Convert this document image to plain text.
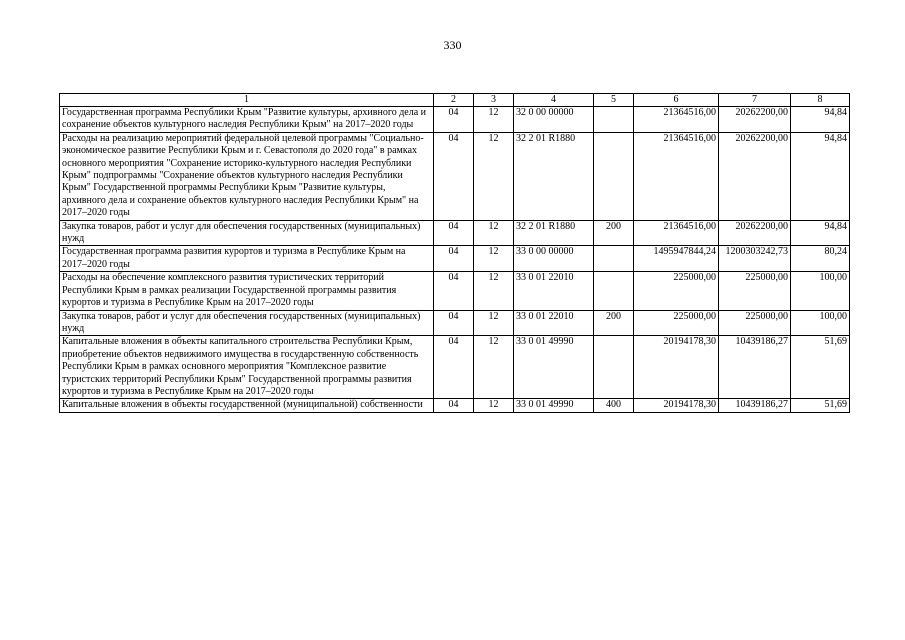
330
1	2	3	4	5	6	7	8
Государственная программа Республики Крым "Развитие культуры, архивного дела и сохранение объектов культурного наследия Республики Крым" на 2017–2020 годы	04	12	32 0 00 00000		21364516,00	20262200,00	94,84
Расходы на реализацию мероприятий федеральной целевой программы "Социально-экономическое развитие Республики Крым и г. Севастополя до 2020 года" в рамках основного мероприятия "Сохранение историко-культурного наследия Республики Крым" подпрограммы "Сохранение объектов культурного наследия Республики Крым" Государственной программы Республики Крым "Развитие культуры, архивного дела и сохранение объектов культурного наследия Республики Крым" на 2017–2020 годы	04	12	32 2 01 R1880		21364516,00	20262200,00	94,84
Закупка товаров, работ и услуг для обеспечения государственных (муниципальных) нужд	04	12	32 2 01 R1880	200	21364516,00	20262200,00	94,84
Государственная программа развития курортов и туризма в Республике Крым на 2017–2020 годы	04	12	33 0 00 00000		1495947844,24	1200303242,73	80,24
Расходы на обеспечение комплексного развития туристических территорий Республики Крым в рамках реализации Государственной программы развития курортов и туризма в Республике Крым на 2017–2020 годы	04	12	33 0 01 22010		225000,00	225000,00	100,00
Закупка товаров, работ и услуг для обеспечения государственных (муниципальных) нужд	04	12	33 0 01 22010	200	225000,00	225000,00	100,00
Капитальные вложения в объекты капитального строительства Республики Крым, приобретение объектов недвижимого имущества в государственную собственность Республики Крым в рамках основного мероприятия "Комплексное развитие туристских территорий Республики Крым" Государственной программы развития курортов и туризма в Республике Крым на 2017–2020 годы	04	12	33 0 01 49990		20194178,30	10439186,27	51,69
Капитальные вложения в объекты государственной (муниципальной) собственности	04	12	33 0 01 49990	400	20194178,30	10439186,27	51,69
